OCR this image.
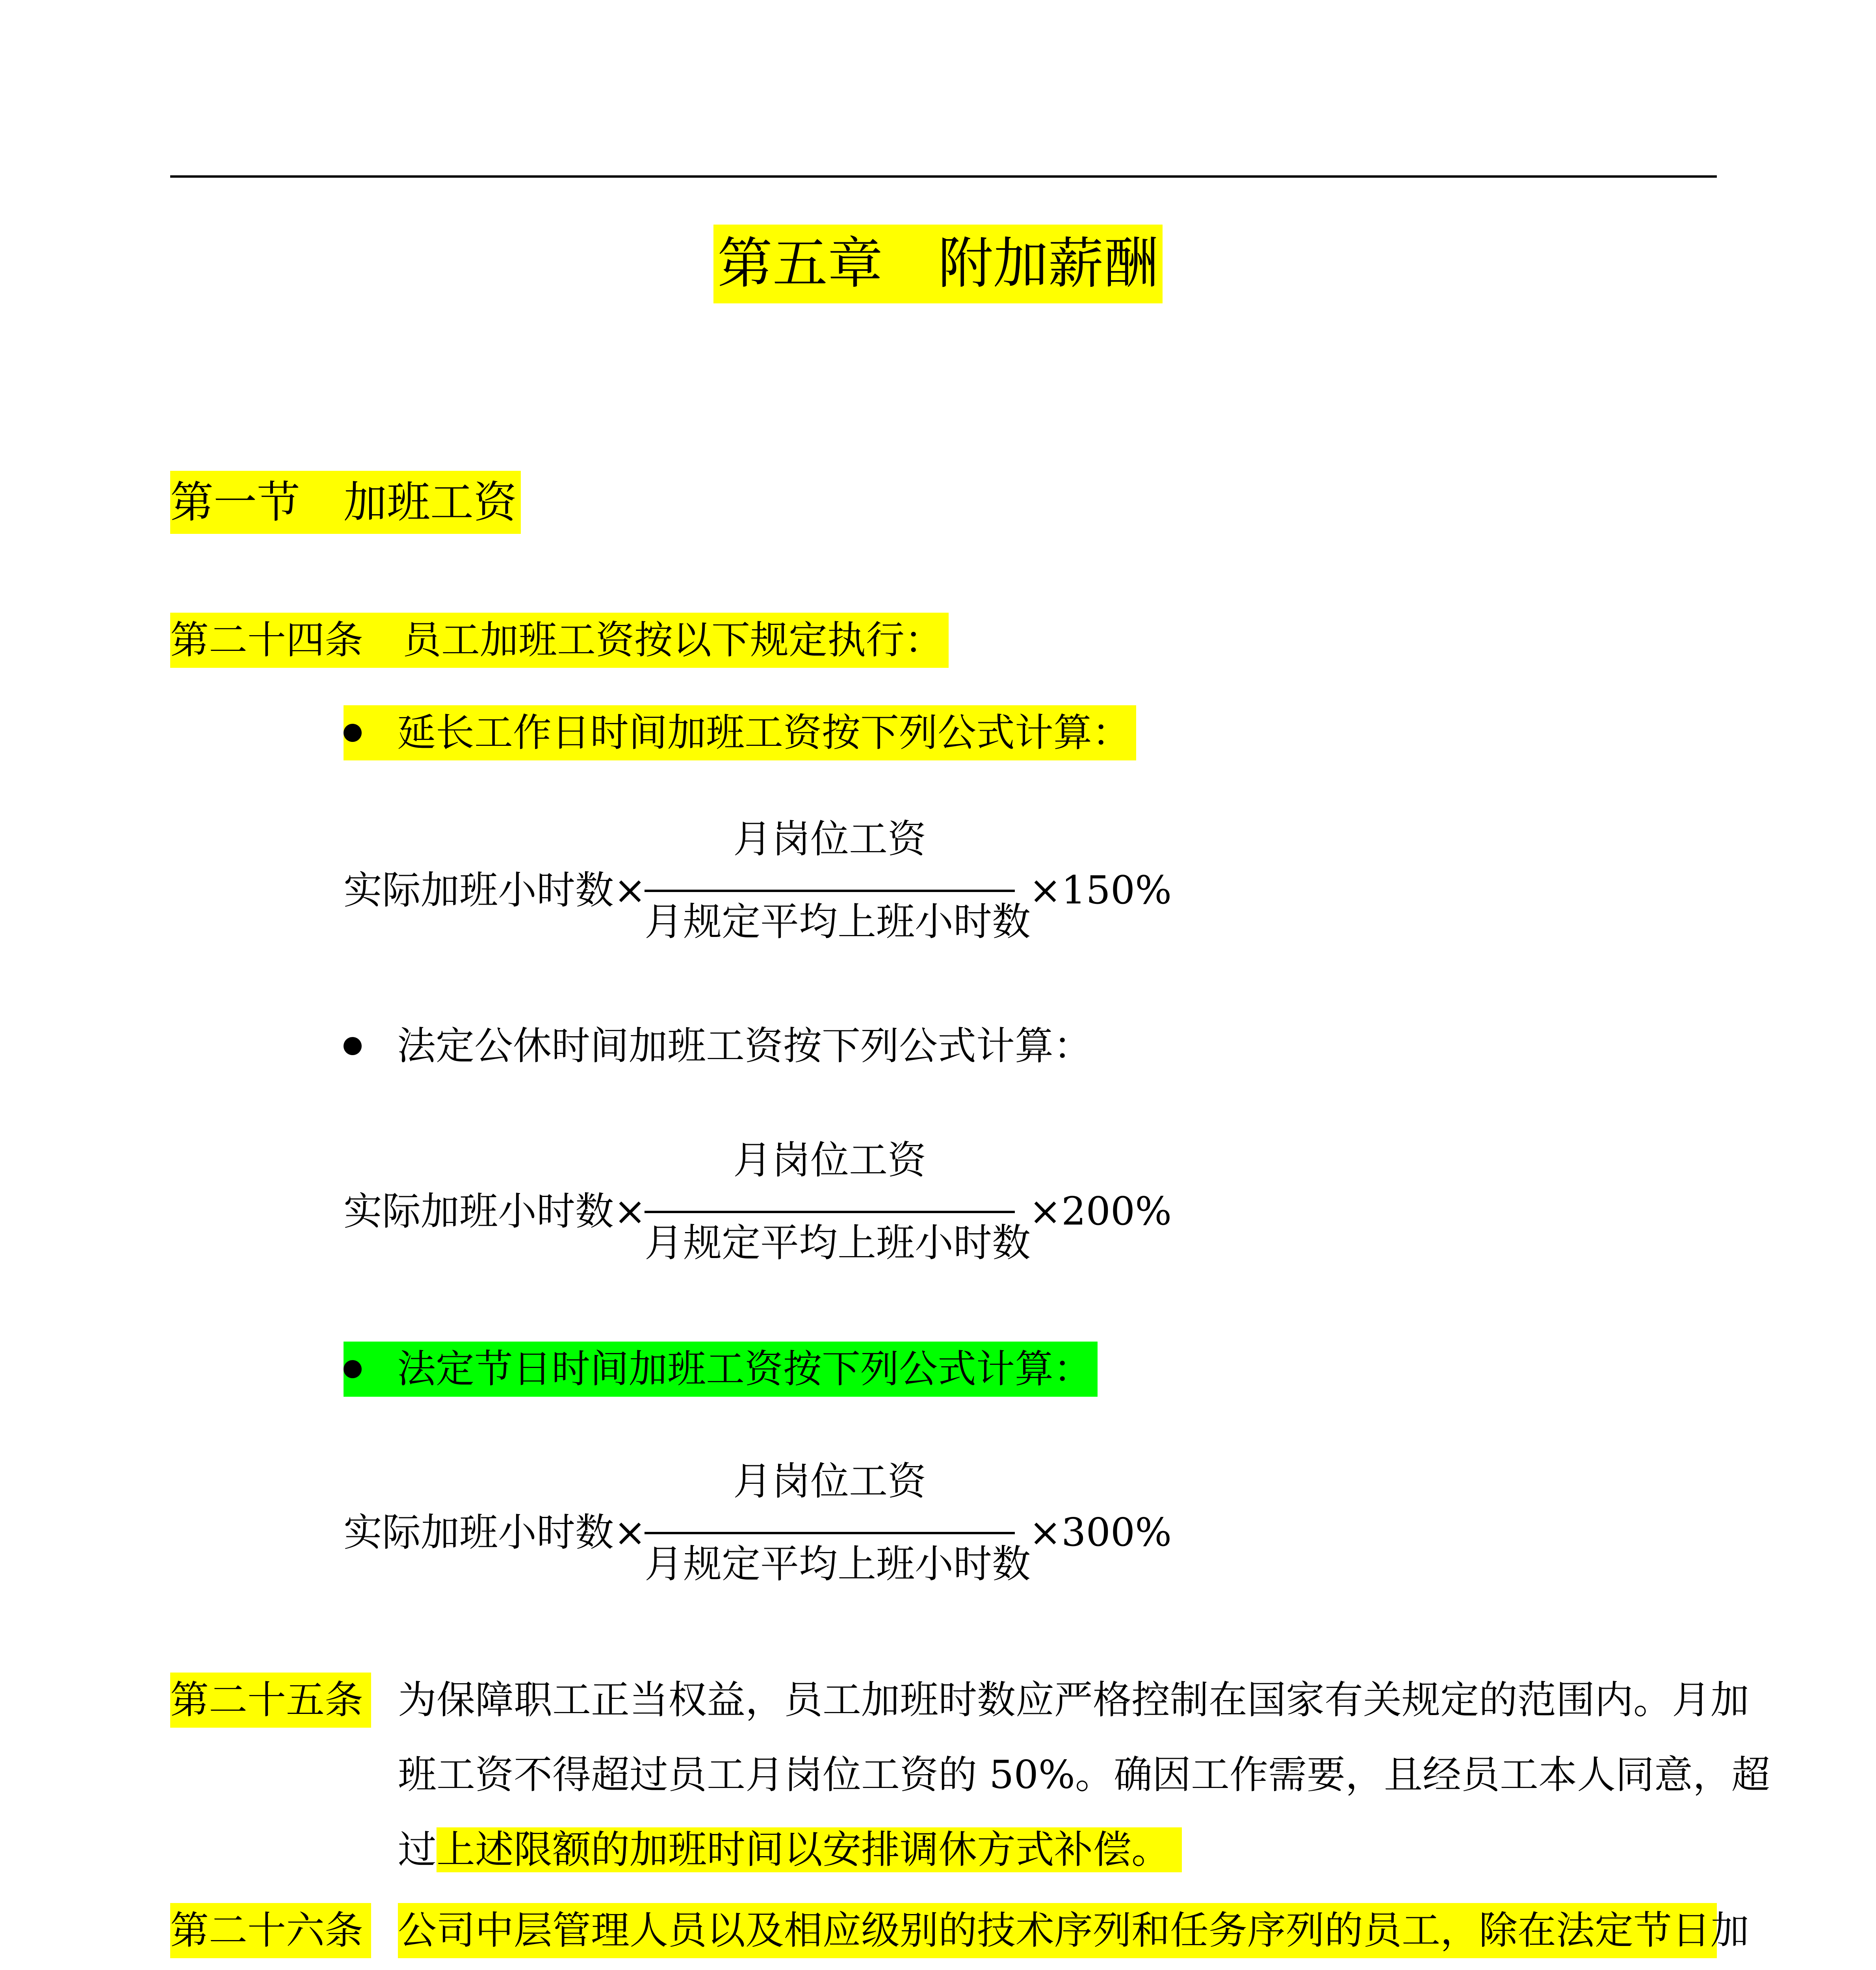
第五章　附加薪酬
第一节　加班工资
第二十四条 员工加班工资按以下规定执行：
延长工作日时间加班工资按下列公式计算：
实际加班小时数×
月岗位工资
月规定平均上班小时数
×150%
法定公休时间加班工资按下列公式计算：
实际加班小时数×
月岗位工资
月规定平均上班小时数
×200%
法定节日时间加班工资按下列公式计算：
实际加班小时数×
月岗位工资
月规定平均上班小时数
×300%
第二十五条 为保障职工正当权益，员工加班时数应严格控制在国家有关规定的范围内。月加
班工资不得超过员工月岗位工资的 50%。确因工作需要，且经员工本人同意，超
过上述限额的加班时间以安排调休方式补偿。
第二十六条 公司中层管理人员以及相应级别的技术序列和任务序列的员工，除在法定节日加
